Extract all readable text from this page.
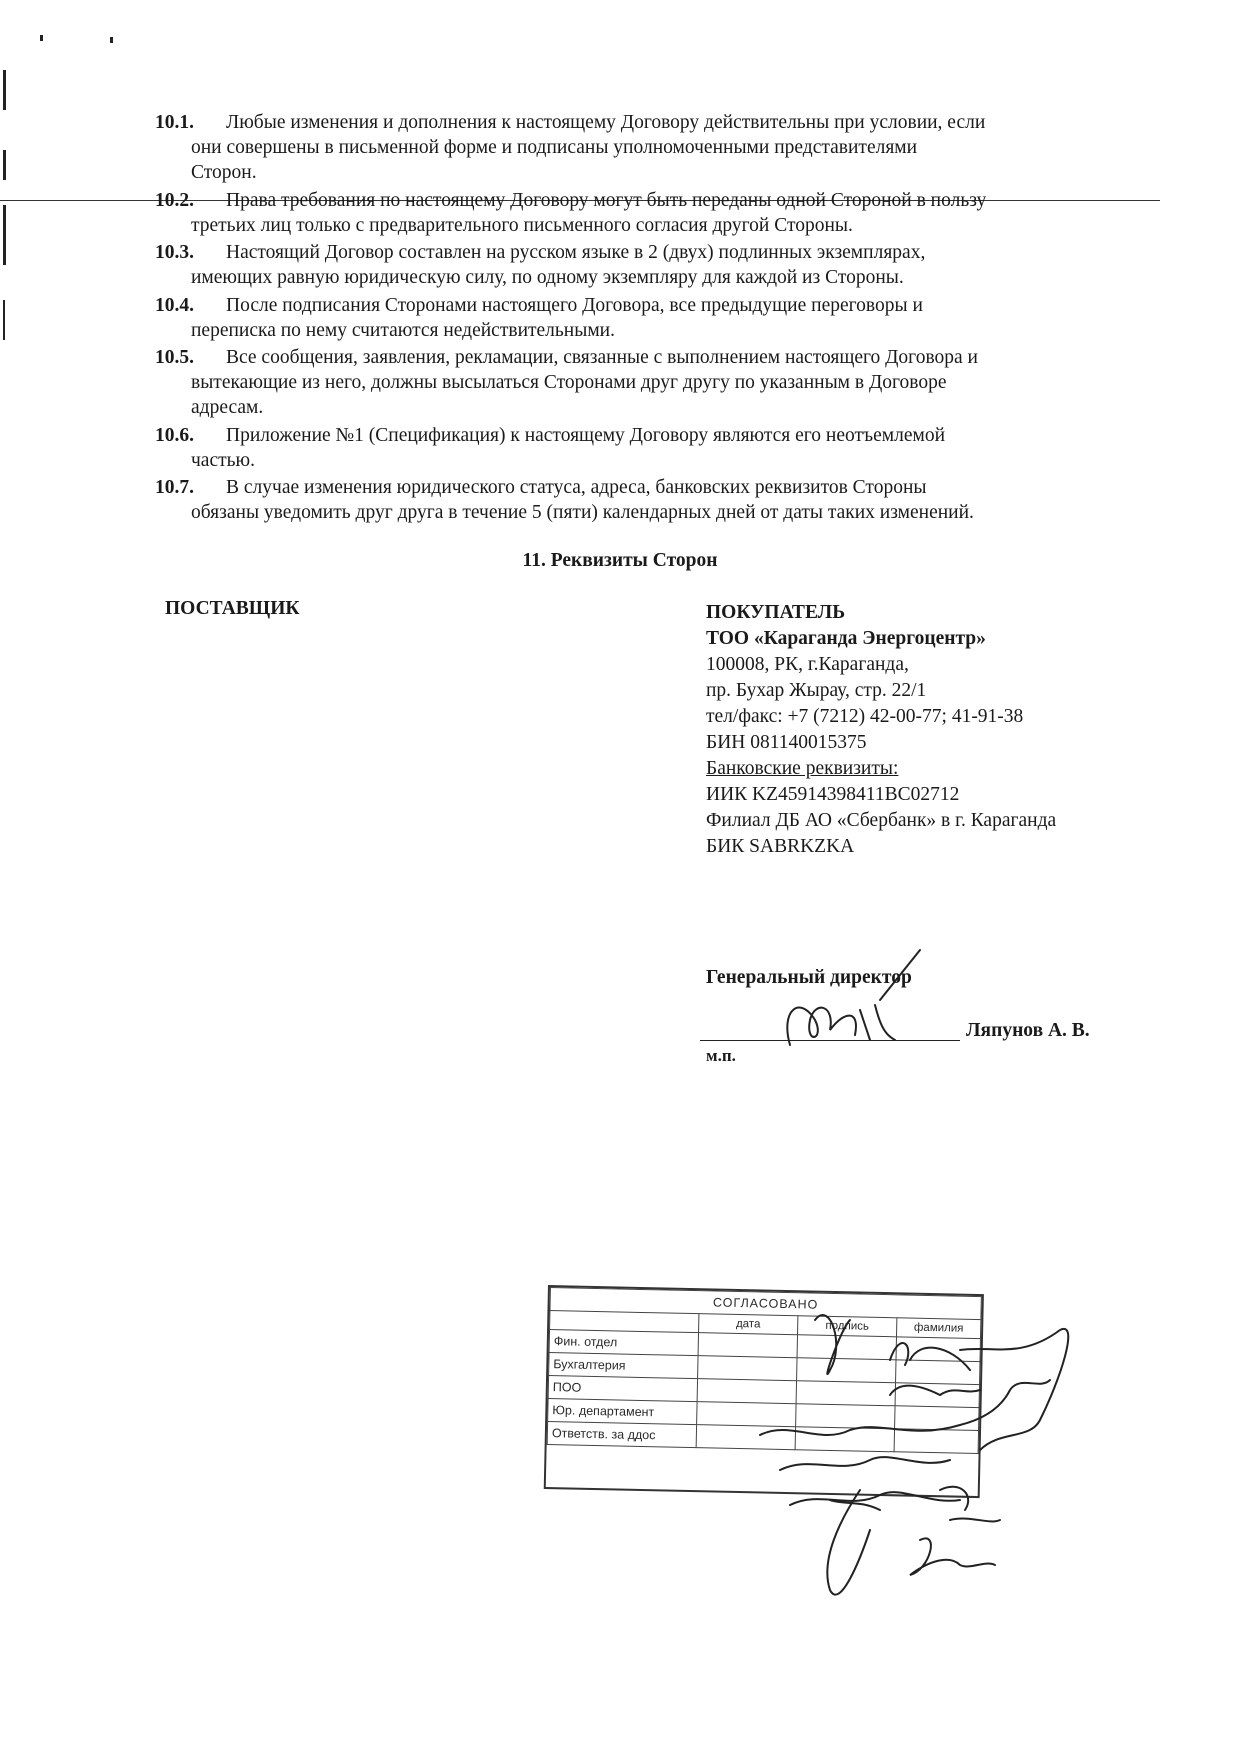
10.1.	Любые изменения и дополнения к настоящему Договору действительны при условии, если
они совершены в письменной форме и подписаны уполномоченными представителями
Сторон.
10.2.	Права требования по настоящему Договору могут быть переданы одной Стороной в пользу
третьих лиц только с предварительного письменного согласия другой Стороны.
10.3.	Настоящий Договор составлен на русском языке в 2 (двух) подлинных экземплярах,
имеющих равную юридическую силу, по одному экземпляру для каждой из Стороны.
10.4.	После подписания Сторонами настоящего Договора, все предыдущие переговоры и
переписка по нему считаются недействительными.
10.5.	Все сообщения, заявления, рекламации, связанные с выполнением настоящего Договора и
вытекающие из него, должны высылаться Сторонами друг другу по указанным в Договоре
адресам.
10.6.	Приложение №1 (Спецификация) к настоящему Договору являются его неотъемлемой
частью.
10.7.	В случае изменения юридического статуса, адреса, банковских реквизитов Стороны
обязаны уведомить друг друга в течение 5 (пяти) календарных дней от даты таких изменений.
11. Реквизиты Сторон
ПОСТАВЩИК	ПОКУПАТЕЛЬ
ТОО «Караганда Энергоцентр»
100008, РК, г.Караганда,
пр. Бухар Жырау, стр. 22/1
тел/факс: +7 (7212) 42-00-77; 41-91-38
БИН 081140015375
Банковские реквизиты:
ИИК KZ45914398411BC02712
Филиал ДБ АО «Сбербанк» в г. Караганда
БИК SABRKZKA
Генеральный директор
Ляпунов А. В.
м.п.
СОГЛАСОВАНО			
	дата	подпись	фамилия
Фин. отдел			
Бухгалтерия			
ПОО			
Юр. департамент			
Ответств. за ддос			
